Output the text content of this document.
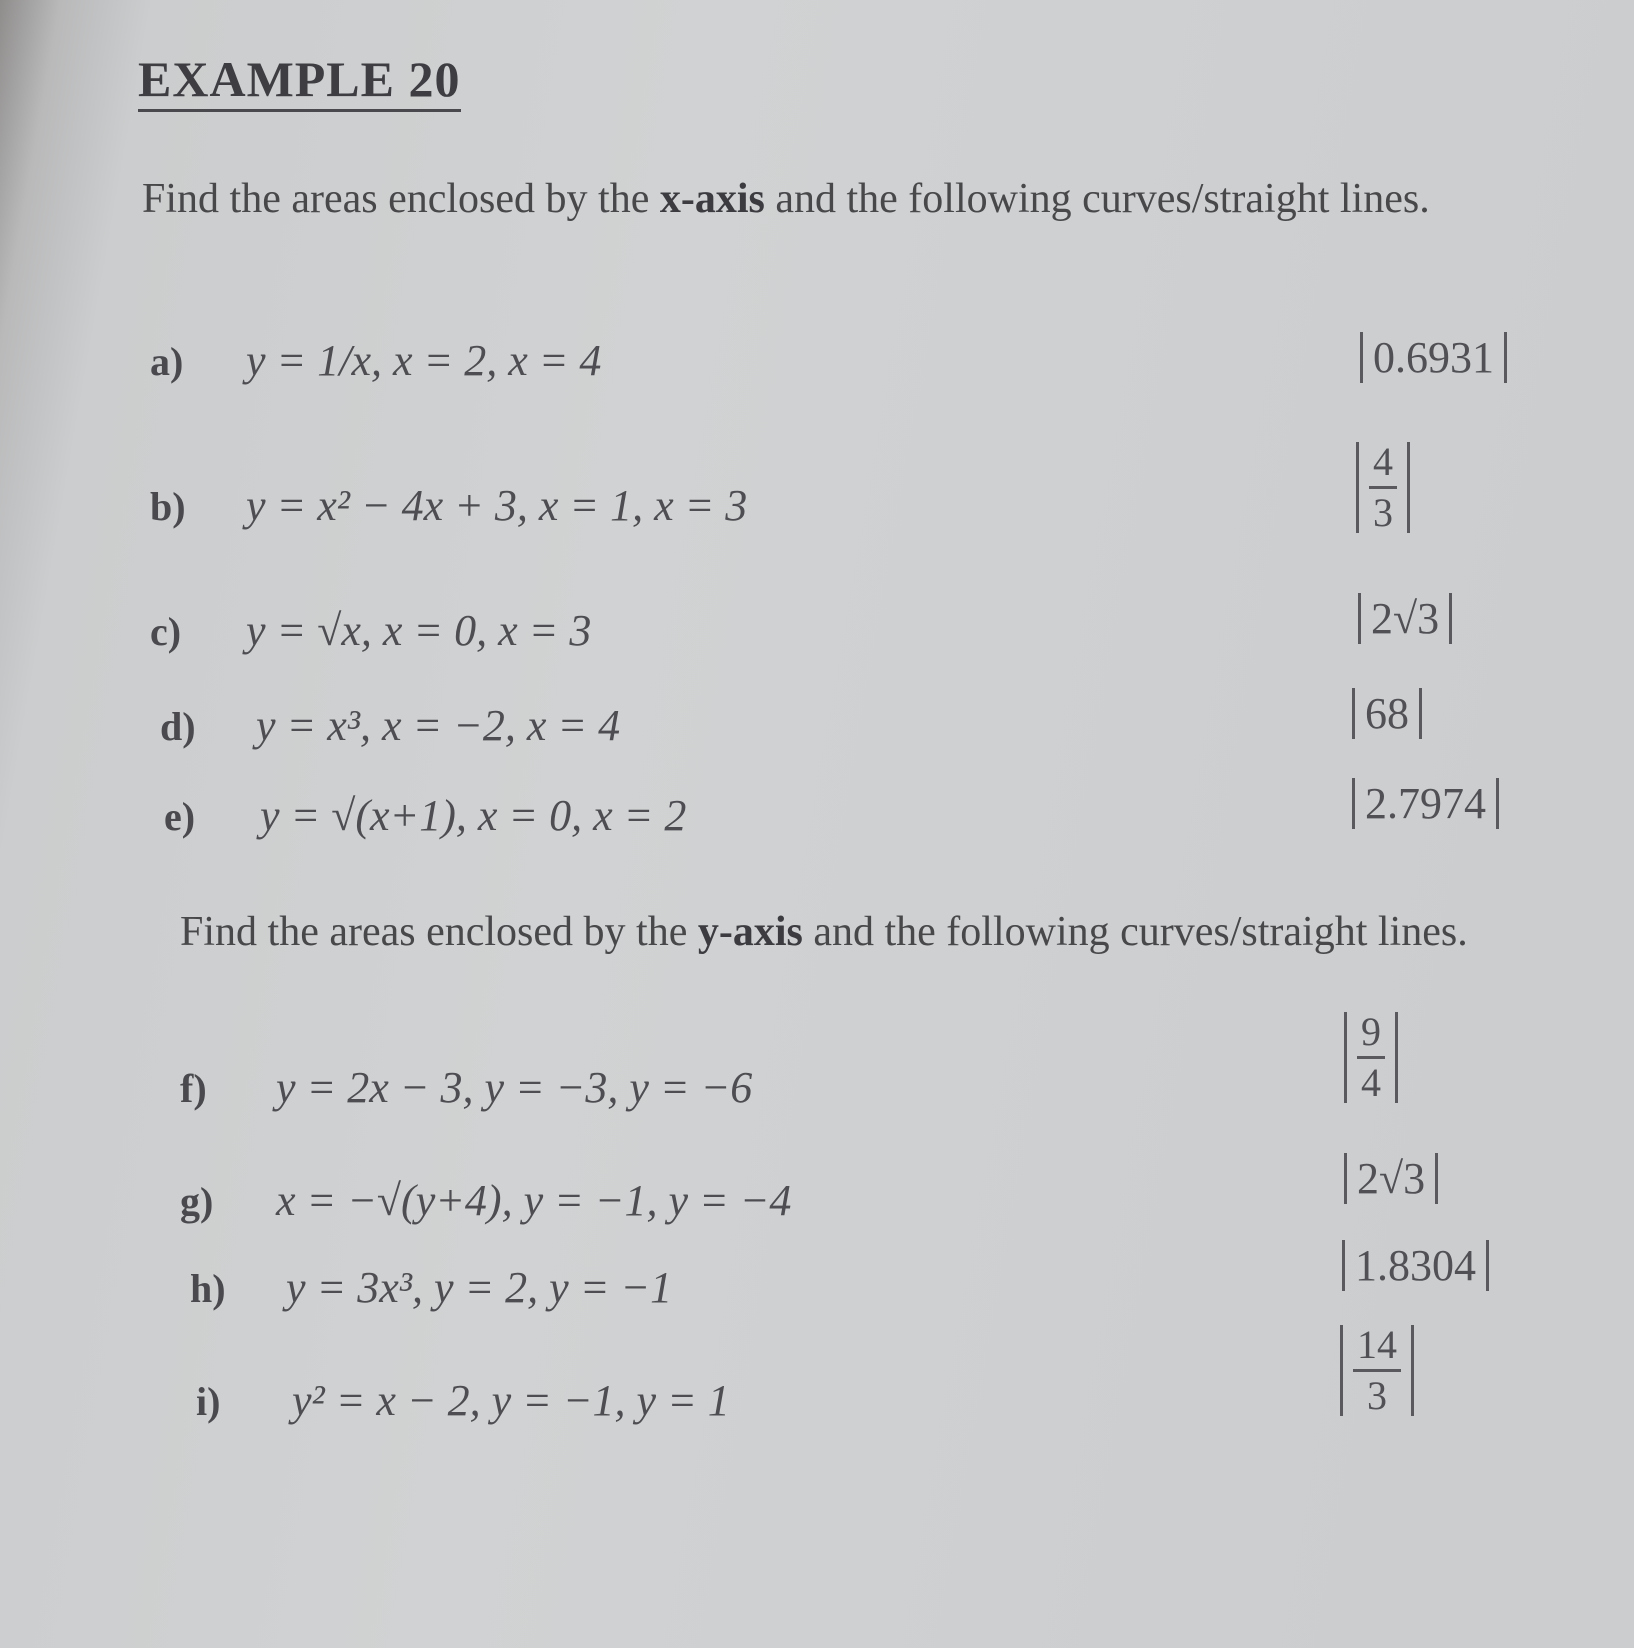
EXAMPLE 20
Find the areas enclosed by the x-axis and the following curves/straight lines.
a) y = 1/x, x = 2, x = 4	0.6931
b) y = x² − 4x + 3, x = 1, x = 3	$\frac{4}{3}$
c) y = √x, x = 0, x = 3	2√3
d) y = x³, x = −2, x = 4	68
e) y = √(x+1), x = 0, x = 2	2.7974
Find the areas enclosed by the y-axis and the following curves/straight lines.
f) y = 2x − 3, y = −3, y = −6	$\frac{9}{4}$
g) x = −√(y+4), y = −1, y = −4	2√3
h) y = 3x³, y = 2, y = −1	1.8304
i) y² = x − 2, y = −1, y = 1	$\frac{14}{3}$
